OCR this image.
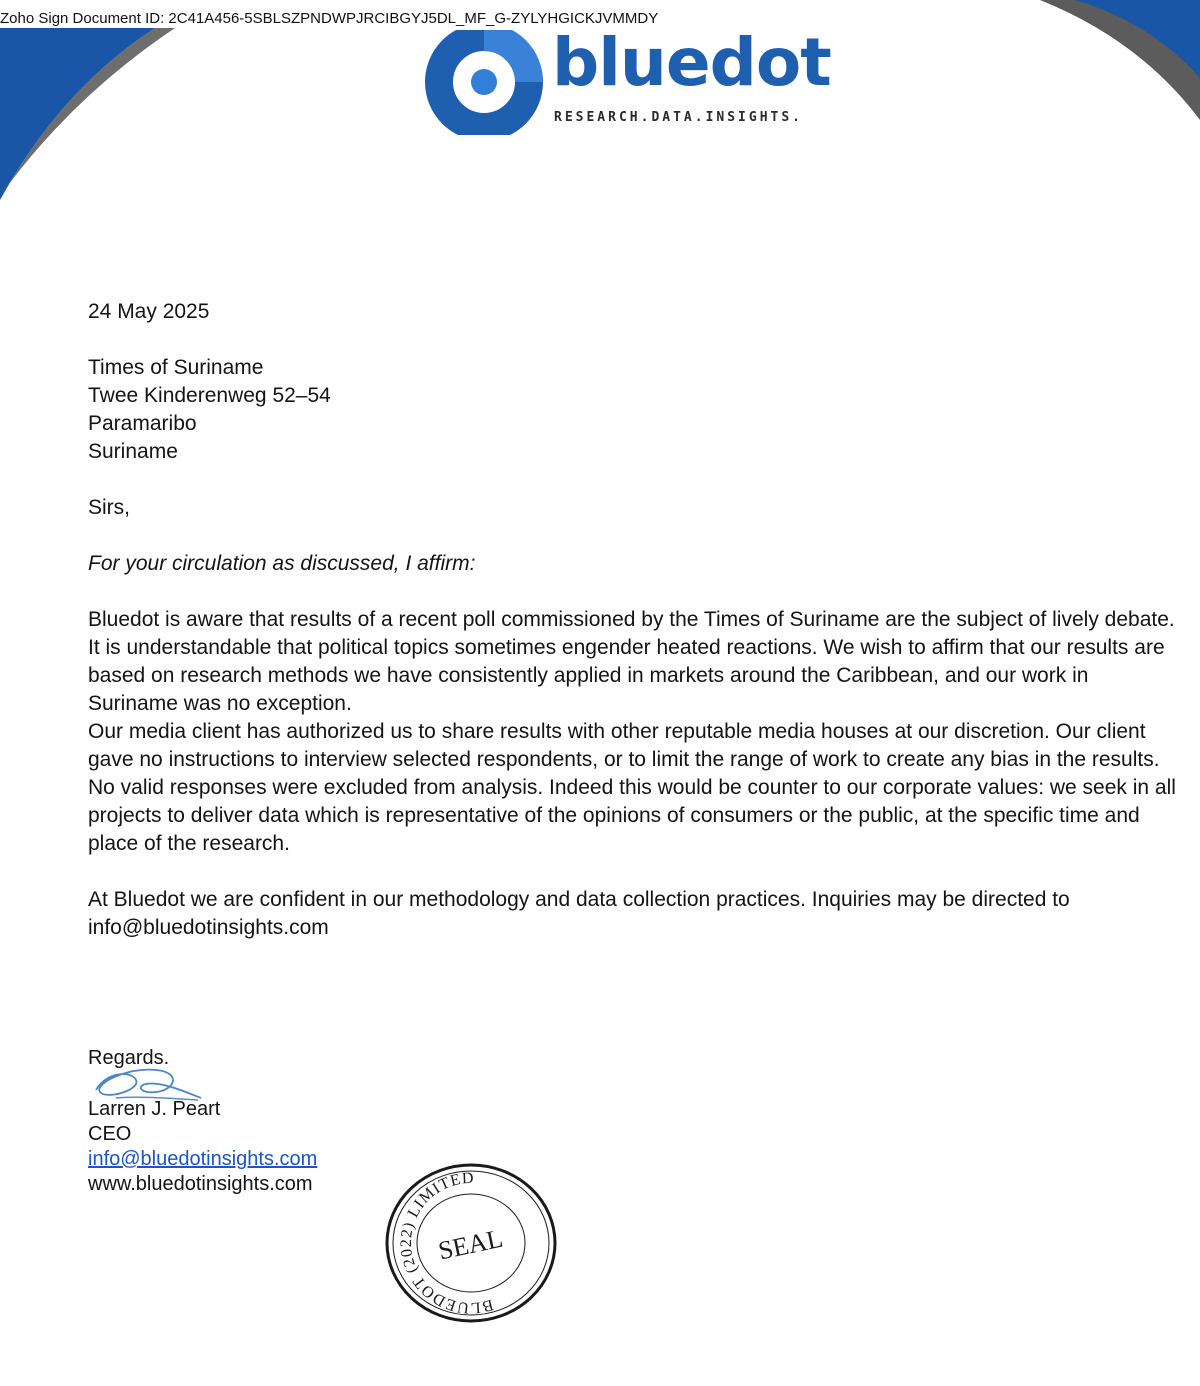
Zoho Sign Document ID: 2C41A456-5SBLSZPNDWPJRCIBGYJ5DL_MF_G-ZYLYHGICKJVMMDY
bluedot
RESEARCH.DATA.INSIGHTS.

24 May 2025

Times of Suriname

Twee Kinderenweg 52–54

Paramaribo

Suriname

Sirs,

For your circulation as discussed, I affirm:

Bluedot is aware that results of a recent poll commissioned by the Times of Suriname are the subject of lively debate.

It is understandable that political topics sometimes engender heated reactions. We wish to affirm that our results are based on research methods we have consistently applied in markets around the Caribbean, and our work in Suriname was no exception.

Our media client has authorized us to share results with other reputable media houses at our discretion. Our client gave no instructions to interview selected respondents, or to limit the range of work to create any bias in the results. No valid responses were excluded from analysis. Indeed this would be counter to our corporate values: we seek in all projects to deliver data which is representative of the opinions of consumers or the public, at the specific time and place of the research.

At Bluedot we are confident in our methodology and data collection practices. Inquiries may be directed to info@bluedotinsights.com

Regards.
Larren J. Peart
CEO
info@bluedotinsights.com
www.bluedotinsights.com
BLUEDOT (2022) LIMITED
SEAL
